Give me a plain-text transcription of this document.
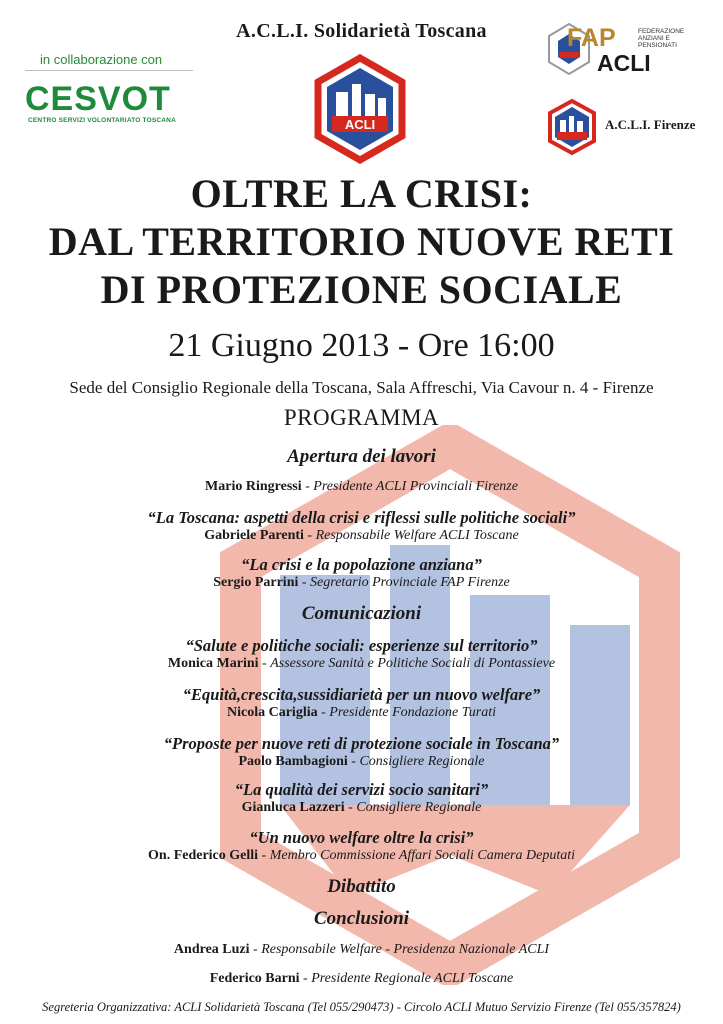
A.C.L.I. Solidarietà Toscana
in collaborazione con
CESVOT
CENTRO SERVIZI VOLONTARIATO TOSCANA	ACLI
FAP	FEDERAZIONE
ANZIANI E
PENSIONATI
ACLI
A.C.L.I. Firenze
OLTRE LA CRISI:
DAL TERRITORIO NUOVE RETI
DI PROTEZIONE SOCIALE
21 Giugno 2013 - Ore 16:00
Sede del Consiglio Regionale della Toscana, Sala Affreschi, Via Cavour n. 4 - Firenze
PROGRAMMA
Apertura dei lavori
Mario Ringressi - Presidente ACLI Provinciali Firenze
“La Toscana: aspetti della crisi e riflessi sulle politiche sociali”
Gabriele Parenti - Responsabile Welfare ACLI Toscane
“La crisi e la popolazione anziana”
Sergio Parrini - Segretario Provinciale FAP Firenze
Comunicazioni
“Salute e politiche sociali: esperienze sul territorio”
Monica Marini - Assessore Sanità e Politiche Sociali di Pontassieve
“Equità,crescita,sussidiarietà per un nuovo welfare”
Nicola Cariglia - Presidente Fondazione Turati
“Proposte per nuove reti di protezione sociale in Toscana”
Paolo Bambagioni - Consigliere Regionale
“La qualità dei servizi socio sanitari”
Gianluca Lazzeri - Consigliere Regionale
“Un nuovo welfare oltre la crisi”
On. Federico Gelli - Membro Commissione Affari Sociali Camera Deputati
Dibattito
Conclusioni
Andrea Luzi - Responsabile Welfare - Presidenza Nazionale ACLI
Federico Barni - Presidente Regionale ACLI Toscane
Segreteria Organizzativa: ACLI Solidarietà Toscana (Tel 055/290473) - Circolo ACLI Mutuo Servizio Firenze (Tel 055/357824)
